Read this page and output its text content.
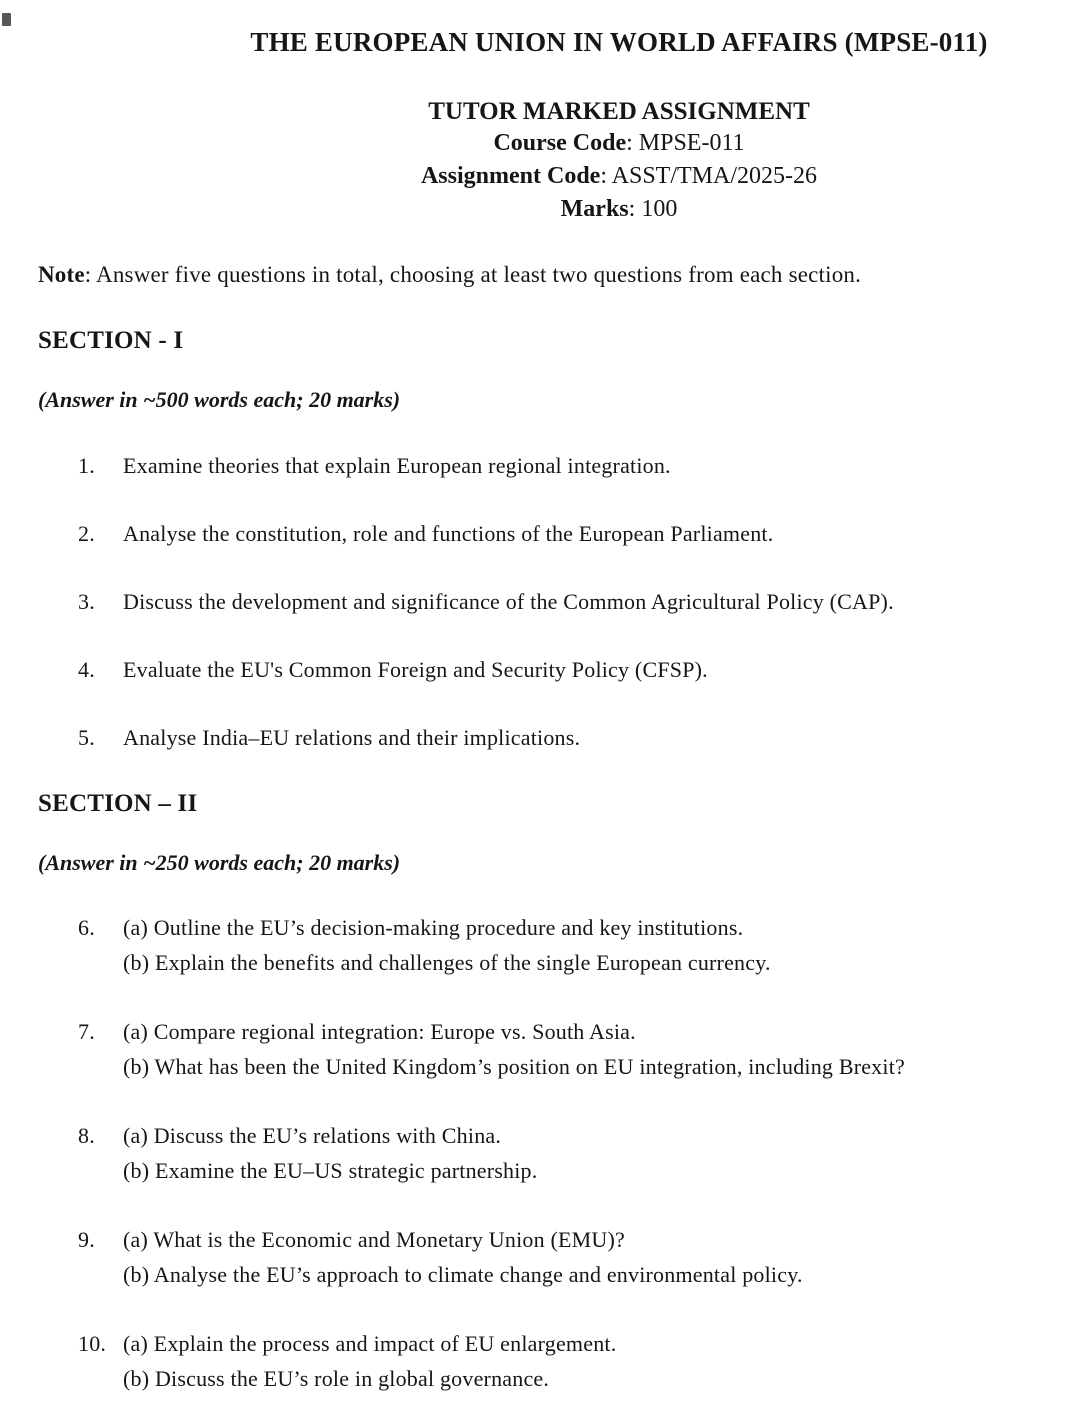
THE EUROPEAN UNION IN WORLD AFFAIRS (MPSE-011)
TUTOR MARKED ASSIGNMENT
Course Code: MPSE-011
Assignment Code: ASST/TMA/2025-26
Marks: 100

Note: Answer five questions in total, choosing at least two questions from each section.

SECTION - I

(Answer in ~500 words each; 20 marks)

1.	Examine theories that explain European regional integration.
2.	Analyse the constitution, role and functions of the European Parliament.
3.	Discuss the development and significance of the Common Agricultural Policy (CAP).
4.	Evaluate the EU's Common Foreign and Security Policy (CFSP).
5.	Analyse India–EU relations and their implications.
SECTION – II

(Answer in ~250 words each; 20 marks)

6.	(a) Outline the EU’s decision-making procedure and key institutions.
(b) Explain the benefits and challenges of the single European currency.
7.	(a) Compare regional integration: Europe vs. South Asia.
(b) What has been the United Kingdom’s position on EU integration, including Brexit?
8.	(a) Discuss the EU’s relations with China.
(b) Examine the EU–US strategic partnership.
9.	(a) What is the Economic and Monetary Union (EMU)?
(b) Analyse the EU’s approach to climate change and environmental policy.
10. (a) Explain the process and impact of EU enlargement.
(b) Discuss the EU’s role in global governance.
